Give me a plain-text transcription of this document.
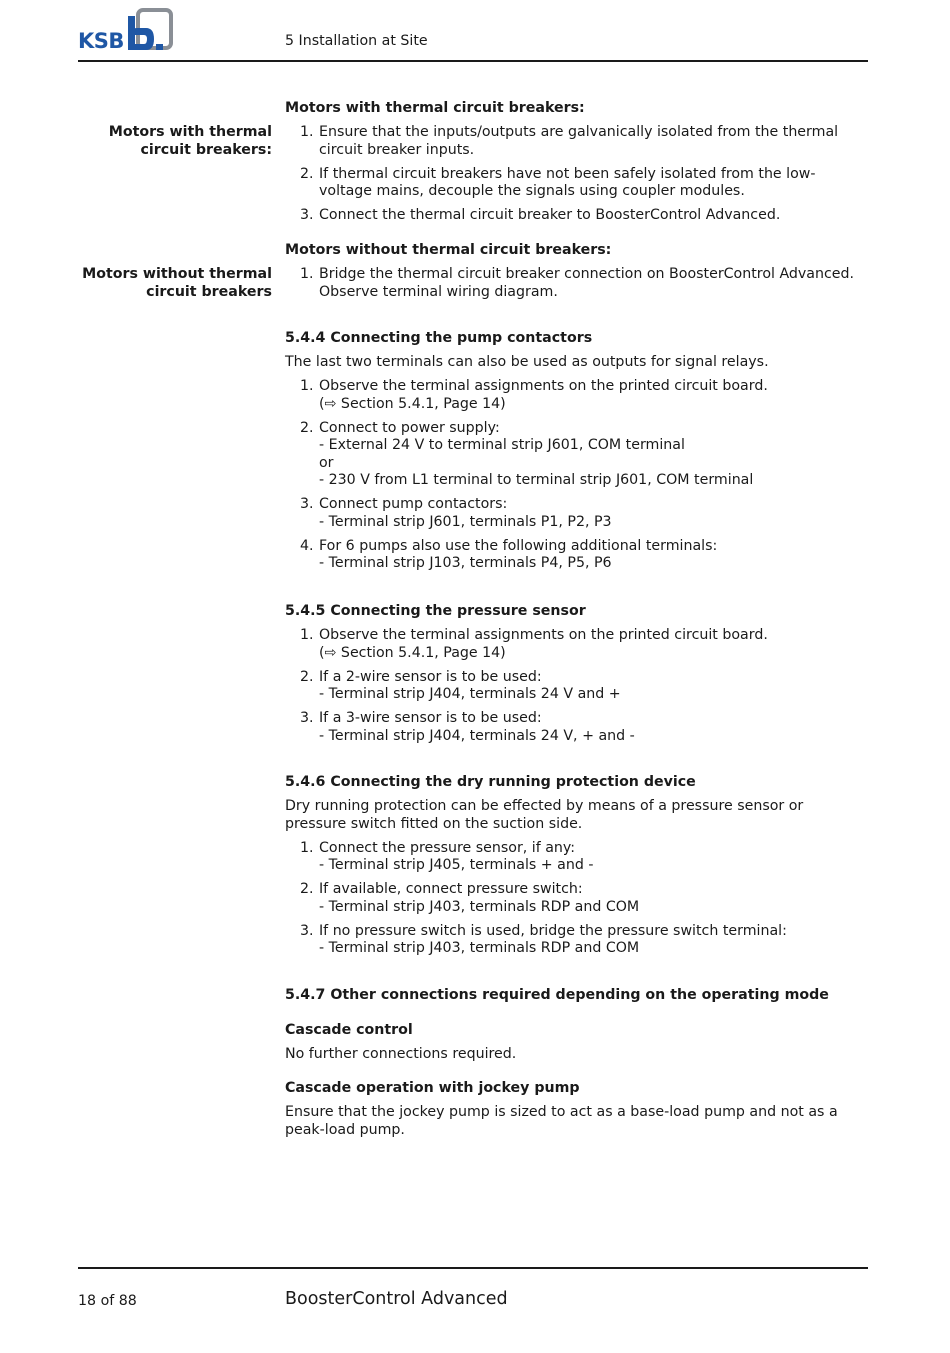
KSB	5 Installation at Site
Motors with thermal circuit breakers:

Motors with thermal circuit breakers:

1. Ensure that the inputs/outputs are galvanically isolated from the thermal circuit breaker inputs.
2. If thermal circuit breakers have not been safely isolated from the low-voltage mains, decouple the signals using coupler modules.
3. Connect the thermal circuit breaker to BoosterControl Advanced.
Motors without thermal circuit breakers

Motors without thermal circuit breakers:

1. Bridge the thermal circuit breaker connection on BoosterControl Advanced. Observe terminal wiring diagram.

5.4.4 Connecting the pump contactors

The last two terminals can also be used as outputs for signal relays.

1. Observe the terminal assignments on the printed circuit board.
(⇨ Section 5.4.1, Page 14)
2. Connect to power supply:
- External 24 V to terminal strip J601, COM terminal
or
- 230 V from L1 terminal to terminal strip J601, COM terminal
3. Connect pump contactors:
- Terminal strip J601, terminals P1, P2, P3
4. For 6 pumps also use the following additional terminals:
- Terminal strip J103, terminals P4, P5, P6

5.4.5 Connecting the pressure sensor

1. Observe the terminal assignments on the printed circuit board.
(⇨ Section 5.4.1, Page 14)
2. If a 2-wire sensor is to be used:
- Terminal strip J404, terminals 24 V and +
3. If a 3-wire sensor is to be used:
- Terminal strip J404, terminals 24 V, + and -

5.4.6 Connecting the dry running protection device

Dry running protection can be effected by means of a pressure sensor or pressure switch fitted on the suction side.

1. Connect the pressure sensor, if any:
- Terminal strip J405, terminals + and -
2. If available, connect pressure switch:
- Terminal strip J403, terminals RDP and COM
3. If no pressure switch is used, bridge the pressure switch terminal:
- Terminal strip J403, terminals RDP and COM

5.4.7 Other connections required depending on the operating mode

Cascade control

No further connections required.

Cascade operation with jockey pump

Ensure that the jockey pump is sized to act as a base-load pump and not as a peak-load pump.

18 of 88	BoosterControl Advanced
